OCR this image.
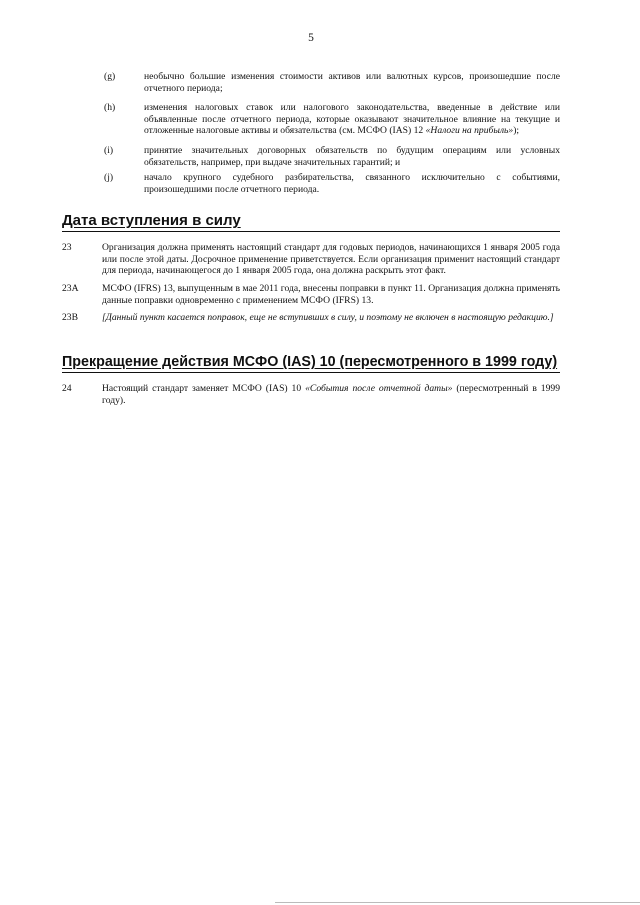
5
(g)	необычно большие изменения стоимости активов или валютных курсов, произошедшие после отчетного периода;
(h)	изменения налоговых ставок или налогового законодательства, введенные в действие или объявленные после отчетного периода, которые оказывают значительное влияние на текущие и отложенные налоговые активы и обязательства (см. МСФО (IAS) 12 «Налоги на прибыль»);
(i)	принятие значительных договорных обязательств по будущим операциям или условных обязательств, например, при выдаче значительных гарантий; и
(j)	начало крупного судебного разбирательства, связанного исключительно с событиями, произошедшими после отчетного периода.
Дата вступления в силу
23	Организация должна применять настоящий стандарт для годовых периодов, начинающихся 1 января 2005 года или после этой даты. Досрочное применение приветствуется. Если организация применит настоящий стандарт для периода, начинающегося до 1 января 2005 года, она должна раскрыть этот факт.
23A МСФО (IFRS) 13, выпущенным в мае 2011 года, внесены поправки в пункт 11. Организация должна применять данные поправки одновременно с применением МСФО (IFRS) 13.
23B	[Данный пункт касается поправок, еще не вступивших в силу, и поэтому не включен в настоящую редакцию.]
Прекращение действия МСФО (IAS) 10 (пересмотренного в 1999 году)
24	Настоящий стандарт заменяет МСФО (IAS) 10 «События после отчетной даты» (пересмотренный в 1999 году).
